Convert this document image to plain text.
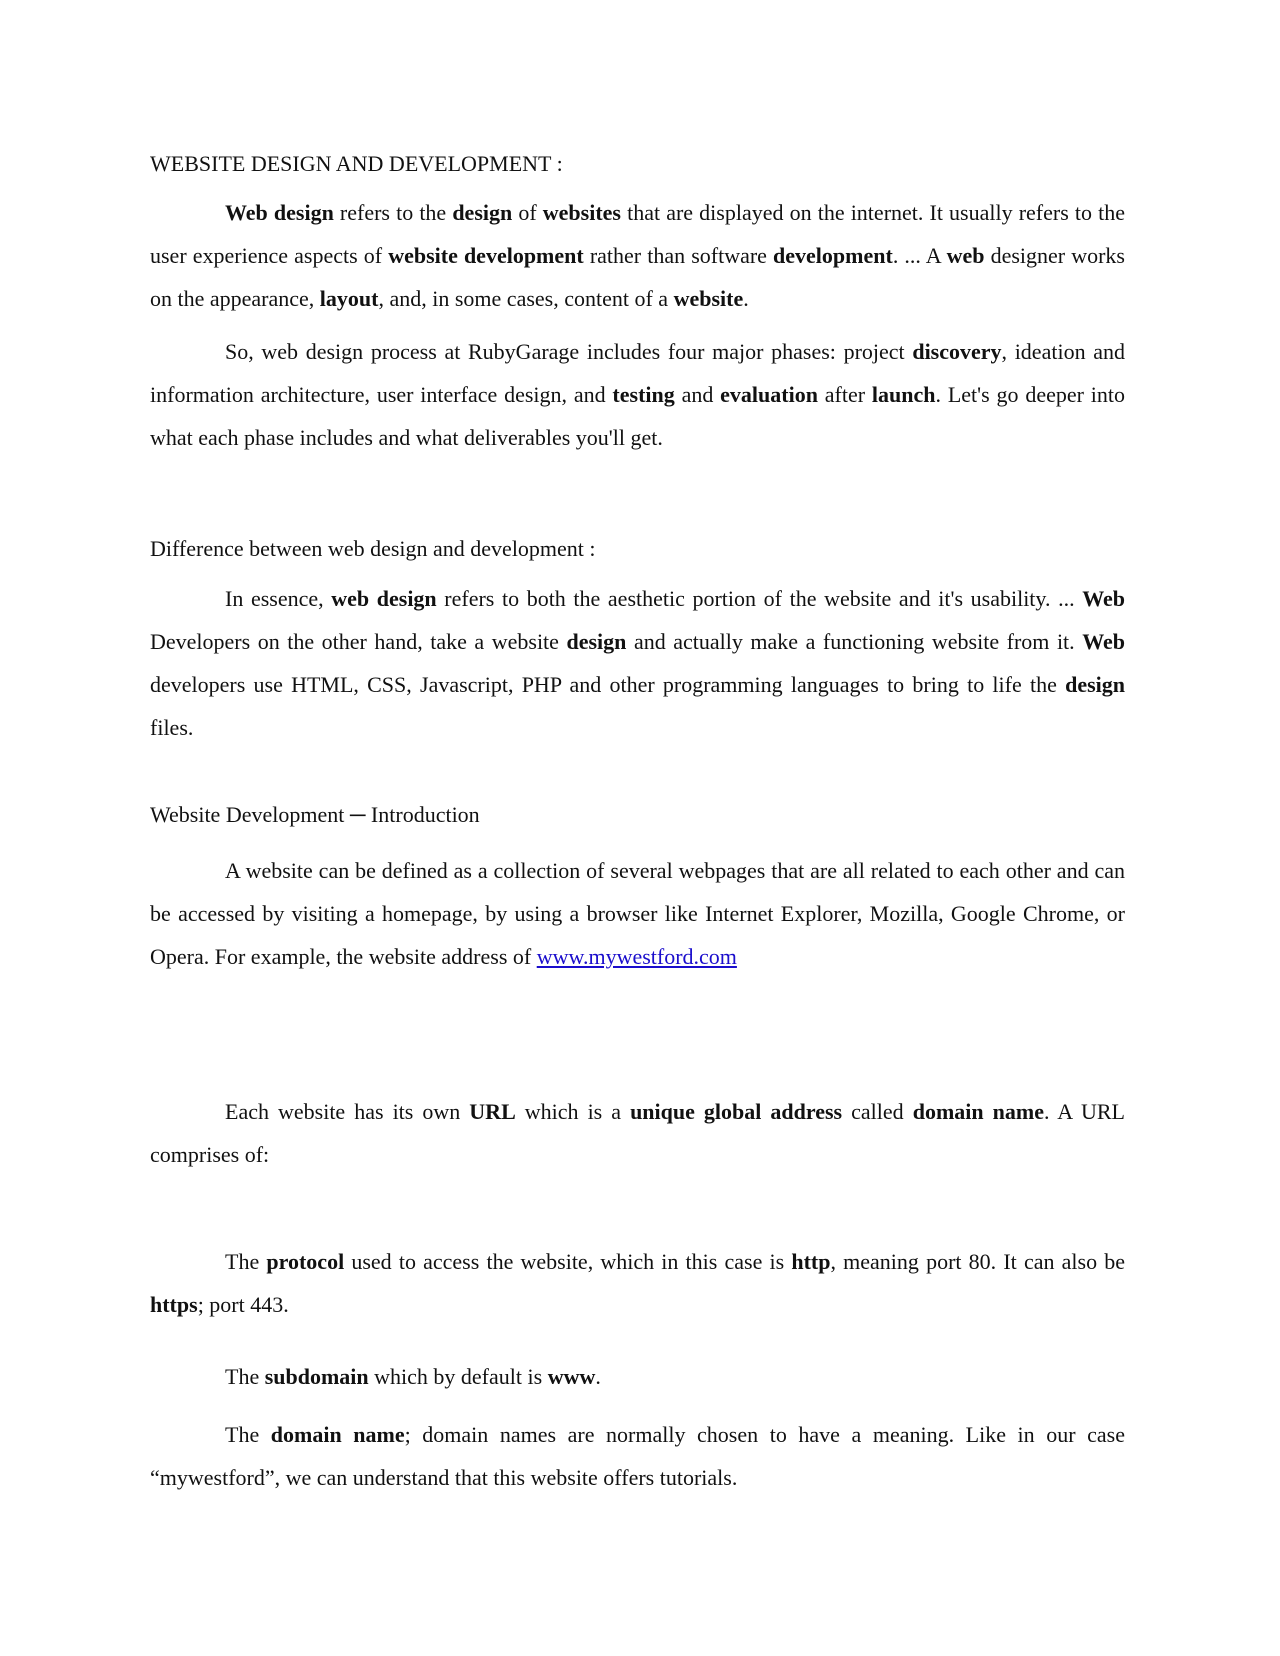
WEBSITE DESIGN AND DEVELOPMENT :

Web design refers to the design of websites that are displayed on the internet. It usually refers to the user experience aspects of website development rather than software development. ... A web designer works on the appearance, layout, and, in some cases, content of a website.

So, web design process at RubyGarage includes four major phases: project discovery, ideation and information architecture, user interface design, and testing and evaluation after launch. Let's go deeper into what each phase includes and what deliverables you'll get.

Difference between web design and development :

In essence, web design refers to both the aesthetic portion of the website and it's usability. ... Web Developers on the other hand, take a website design and actually make a functioning website from it. Web developers use HTML, CSS, Javascript, PHP and other programming languages to bring to life the design files.

Website Development ─ Introduction

A website can be defined as a collection of several webpages that are all related to each other and can be accessed by visiting a homepage, by using a browser like Internet Explorer, Mozilla, Google Chrome, or Opera. For example, the website address of www.mywestford.com

Each website has its own URL which is a unique global address called domain name. A URL comprises of:

The protocol used to access the website, which in this case is http, meaning port 80. It can also be https; port 443.

The subdomain which by default is www.

The domain name; domain names are normally chosen to have a meaning. Like in our case “mywestford”, we can understand that this website offers tutorials.
